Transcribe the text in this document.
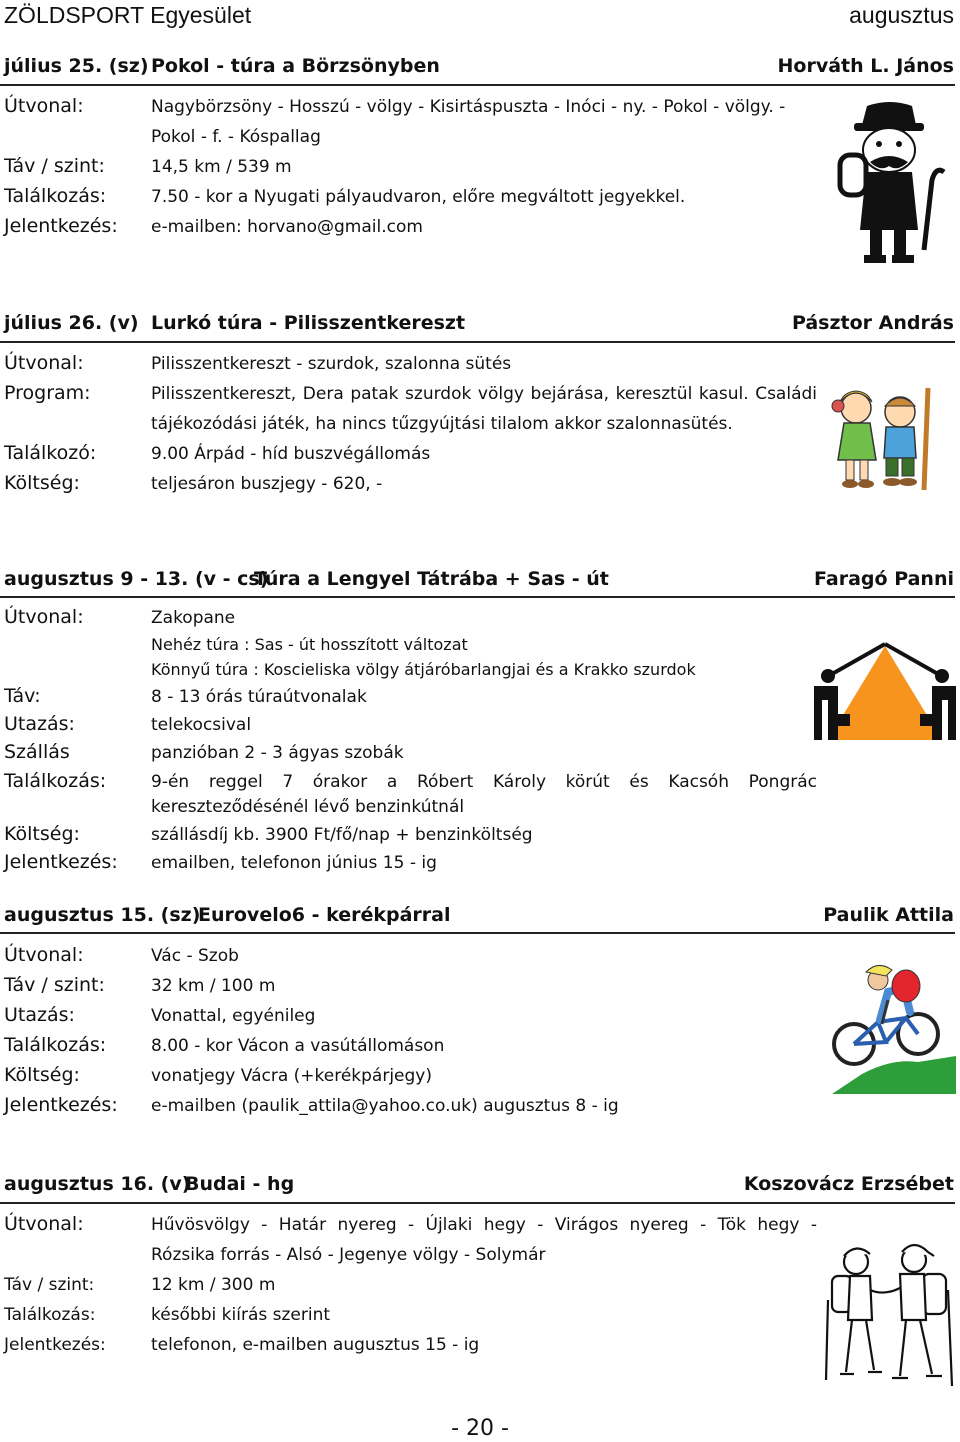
ZÖLDSPORT Egyesület	augusztus
július 25. (sz) Pokol - túra a Börzsönyben	Horváth L. János
Útvonal:	Nagybörzsöny - Hosszú - völgy - Kisirtáspuszta - Inóci - ny. - Pokol - völgy. -
Pokol - f. - Kóspallag
Táv / szint:	14,5 km / 539 m
Találkozás:	7.50 - kor a Nyugati pályaudvaron, előre megváltott jegyekkel.
Jelentkezés: e-mailben: horvano@gmail.com
július 26. (v) Lurkó túra - Pilisszentkereszt	Pásztor András
Útvonal:	Pilisszentkereszt - szurdok, szalonna sütés
Program:	Pilisszentkereszt, Dera patak szurdok völgy bejárása, keresztül kasul. Családi
tájékozódási játék, ha nincs tűzgyújtási tilalom akkor szalonnasütés.
Találkozó:	9.00 Árpád - híd buszvégállomás
Költség:	teljesáron buszjegy - 620, -
augusztus 9 - 13. (v - cs)
Túra a Lengyel Tátrába + Sas - út	Faragó Panni
Útvonal:	Zakopane
Nehéz túra : Sas - út hosszított változat
Könnyű túra : Koscieliska völgy átjáróbarlangjai és a Krakko szurdok
Táv:	8 - 13 órás túraútvonalak
Utazás:	telekocsival
Szállás	panzióban 2 - 3 ágyas szobák
Találkozás:	9-én reggel 7 órakor a Róbert Károly körút és Kacsóh Pongrác
kereszteződésénél lévő benzinkútnál
Költség:	szállásdíj kb. 3900 Ft/fő/nap + benzinköltség
Jelentkezés: emailben, telefonon június 15 - ig
augusztus 15. (sz)
Eurovelo6 - kerékpárral	Paulik Attila
Útvonal:	Vác - Szob
Táv / szint:	32 km / 100 m
Utazás:	Vonattal, egyénileg
Találkozás:	8.00 - kor Vácon a vasútállomáson
Költség:	vonatjegy Vácra (+kerékpárjegy)
Jelentkezés: e-mailben (paulik_attila@yahoo.co.uk) augusztus 8 - ig
augusztus 16. (v)
Budai - hg	Koszovácz Erzsébet
Útvonal:	Hűvösvölgy - Határ nyereg - Újlaki hegy - Virágos nyereg - Tök hegy -
Rózsika forrás - Alsó - Jegenye völgy - Solymár
Táv / szint:	12 km / 300 m
Találkozás:	későbbi kiírás szerint
Jelentkezés:	telefonon, e-mailben augusztus 15 - ig
- 20 -
